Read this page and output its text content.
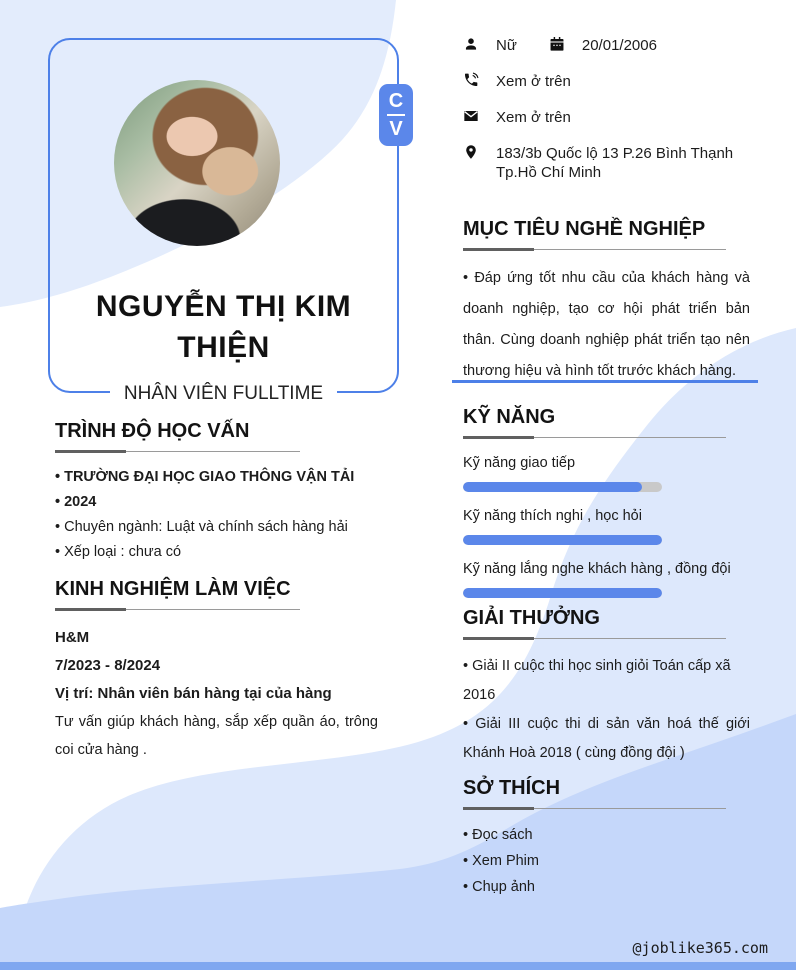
C
V
NGUYỄN THỊ KIM THIỆN
NHÂN VIÊN FULLTIME
Nữ	20/01/2006
Xem ở trên
Xem ở trên
183/3b Quốc lộ 13 P.26 Bình Thạnh Tp.Hồ Chí Minh
MỤC TIÊU NGHỀ NGHIỆP
• Đáp ứng tốt nhu cầu của khách hàng và doanh nghiệp, tạo cơ hội phát triển bản thân. Cùng doanh nghiệp phát triển tạo nên thương hiệu và hình tốt trước khách hàng.
KỸ NĂNG
Kỹ năng giao tiếp
Kỹ năng thích nghi , học hỏi
Kỹ năng lắng nghe khách hàng , đồng đội
GIẢI THƯỞNG
• Giải II cuộc thi học sinh giỏi Toán cấp xã 2016
• Giải III cuộc thi di sản văn hoá thế giới Khánh Hoà 2018 ( cùng đồng đội )
SỞ THÍCH
• Đọc sách
• Xem Phim
• Chụp ảnh
TRÌNH ĐỘ HỌC VẤN
• TRƯỜNG ĐẠI HỌC GIAO THÔNG VẬN TẢI
• 2024
• Chuyên ngành: Luật và chính sách hàng hải
• Xếp loại : chưa có
KINH NGHIỆM LÀM VIỆC
H&M
7/2023 - 8/2024
Vị trí: Nhân viên bán hàng tại của hàng
Tư vấn giúp khách hàng, sắp xếp quần áo, trông coi cửa hàng .
@joblike365.com
